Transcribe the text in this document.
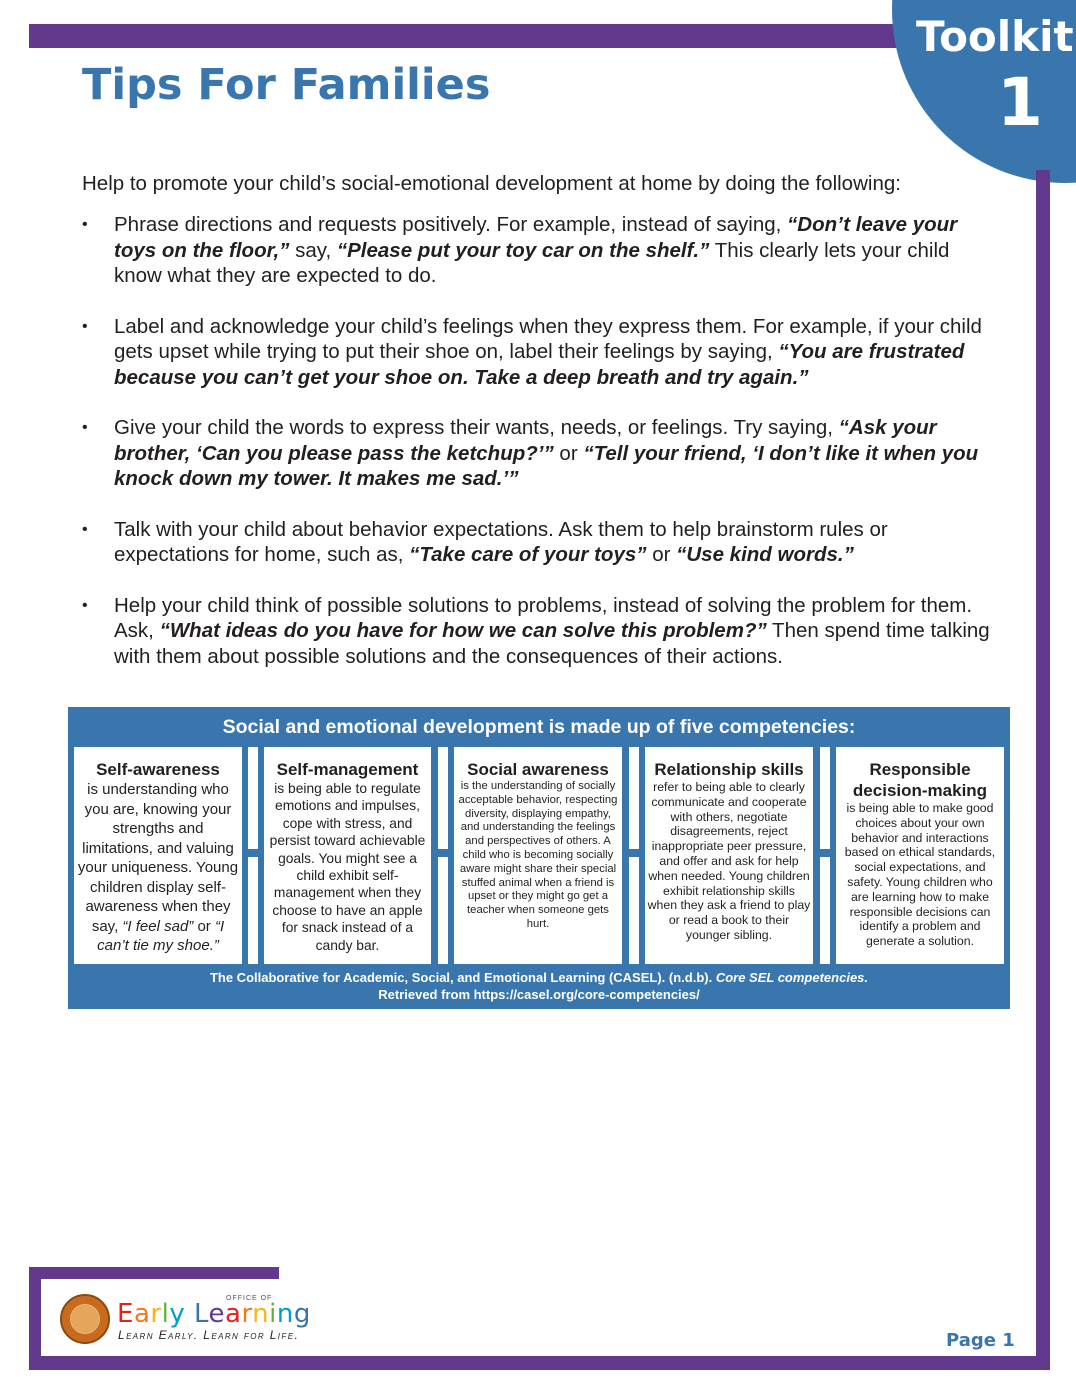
Toolkit
1
Tips For Families

Help to promote your child’s social-emotional development at home by doing the following:

• Phrase directions and requests positively. For example, instead of saying, “Don’t leave your toys on the floor,” say, “Please put your toy car on the shelf.” This clearly lets your child know what they are expected to do.
• Label and acknowledge your child’s feelings when they express them. For example, if your child gets upset while trying to put their shoe on, label their feelings by saying, “You are frustrated because you can’t get your shoe on. Take a deep breath and try again.”
• Give your child the words to express their wants, needs, or feelings. Try saying, “Ask your brother, ‘Can you please pass the ketchup?’” or “Tell your friend, ‘I don’t like it when you knock down my tower. It makes me sad.’”
• Talk with your child about behavior expectations. Ask them to help brainstorm rules or expectations for home, such as, “Take care of your toys” or “Use kind words.”
• Help your child think of possible solutions to problems, instead of solving the problem for them. Ask, “What ideas do you have for how we can solve this problem?” Then spend time talking with them about possible solutions and the consequences of their actions.
Social and emotional development is made up of five competencies:
Self-awareness
is understanding who you are, knowing your strengths and limitations, and valuing your uniqueness. Young children display self-awareness when they say, “I feel sad” or “I can’t tie my shoe.”
Self-management
is being able to regulate emotions and impulses, cope with stress, and persist toward achievable goals. You might see a child exhibit self-management when they choose to have an apple for snack instead of a candy bar.
Social awareness
is the understanding of socially acceptable behavior, respecting diversity, displaying empathy, and understanding the feelings and perspectives of others. A child who is becoming socially aware might share their special stuffed animal when a friend is upset or they might go get a teacher when someone gets hurt.
Relationship skills
refer to being able to clearly communicate and cooperate with others, negotiate disagreements, reject inappropriate peer pressure, and offer and ask for help when needed. Young children exhibit relationship skills when they ask a friend to play or read a book to their younger sibling.
Responsible decision-making
is being able to make good choices about your own behavior and interactions based on ethical standards, social expectations, and safety. Young children who are learning how to make responsible decisions can identify a problem and generate a solution.
The Collaborative for Academic, Social, and Emotional Learning (CASEL). (n.d.b). Core SEL competencies.
Retrieved from https://casel.org/core-competencies/
OFFICE OF
Early Learning
Learn Early. Learn for Life.	Page 1
